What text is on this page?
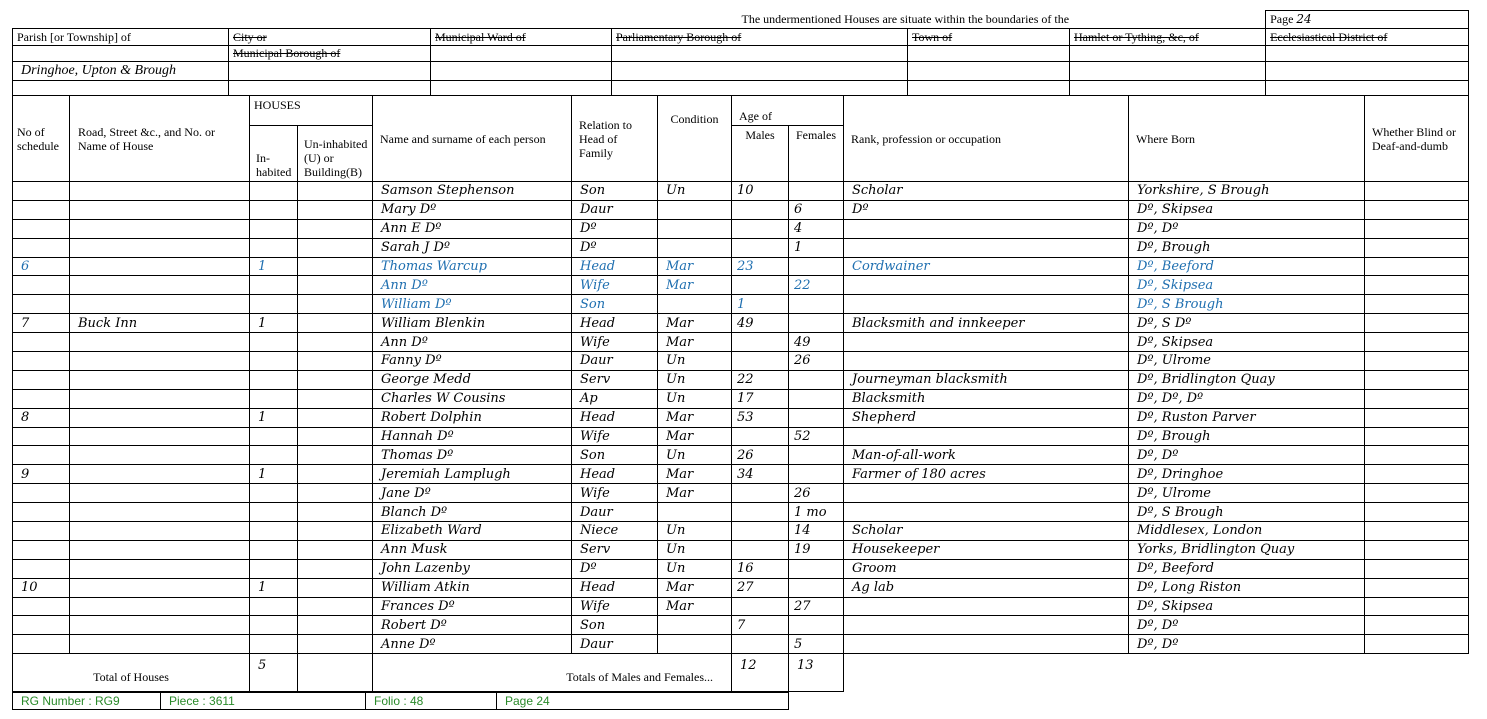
The undermentioned Houses are situate within the boundaries of the						Page 24
Parish [or Township] of	City or	Municipal Ward of	Parliamentary Borough of	Town of	Hamlet or Tything, &c, of	Ecclesiastical District of
	Municipal Borough of					
Dringhoe, Upton & Brough						

No of schedule	Road, Street &c., and No. or Name of House	HOUSES		Name and surname of each person	Relation to Head of Family	Condition	Age of		Rank, profession or occupation	Where Born	Whether Blind or Deaf-and-dumb
		In-habited	Un-inhabited (U) or Building(B)				Males	Females			
				Samson Stephenson	Son	Un	10		Scholar	Yorkshire, S Brough	
				Mary Dº	Daur			6	Dº	Dº, Skipsea	
				Ann E Dº	Dº			4		Dº, Dº	
				Sarah J Dº	Dº			1		Dº, Brough	
6		1		Thomas Warcup	Head	Mar	23		Cordwainer	Dº, Beeford	
				Ann Dº	Wife	Mar		22		Dº, Skipsea	
				William Dº	Son		1			Dº, S Brough	
7	Buck Inn	1		William Blenkin	Head	Mar	49		Blacksmith and innkeeper	Dº, S Dº	
				Ann Dº	Wife	Mar		49		Dº, Skipsea	
				Fanny Dº	Daur	Un		26		Dº, Ulrome	
				George Medd	Serv	Un	22		Journeyman blacksmith	Dº, Bridlington Quay	
				Charles W Cousins	Ap	Un	17		Blacksmith	Dº, Dº, Dº	
8		1		Robert Dolphin	Head	Mar	53		Shepherd	Dº, Ruston Parver	
				Hannah Dº	Wife	Mar		52		Dº, Brough	
				Thomas Dº	Son	Un	26		Man-of-all-work	Dº, Dº	
9		1		Jeremiah Lamplugh	Head	Mar	34		Farmer of 180 acres	Dº, Dringhoe	
				Jane Dº	Wife	Mar		26		Dº, Ulrome	
				Blanch Dº	Daur			1 mo		Dº, S Brough	
				Elizabeth Ward	Niece	Un		14	Scholar	Middlesex, London	
				Ann Musk	Serv	Un		19	Housekeeper	Yorks, Bridlington Quay	
				John Lazenby	Dº	Un	16		Groom	Dº, Beeford	
10		1		William Atkin	Head	Mar	27		Ag lab	Dº, Long Riston	
				Frances Dº	Wife	Mar		27		Dº, Skipsea	
				Robert Dº	Son		7			Dº, Dº	
				Anne Dº	Daur			5		Dº, Dº	
Total of Houses		5		Totals of Males and Females...			12	13			
RG Number : RG9	Piece : 3611	Folio : 48	Page 24
